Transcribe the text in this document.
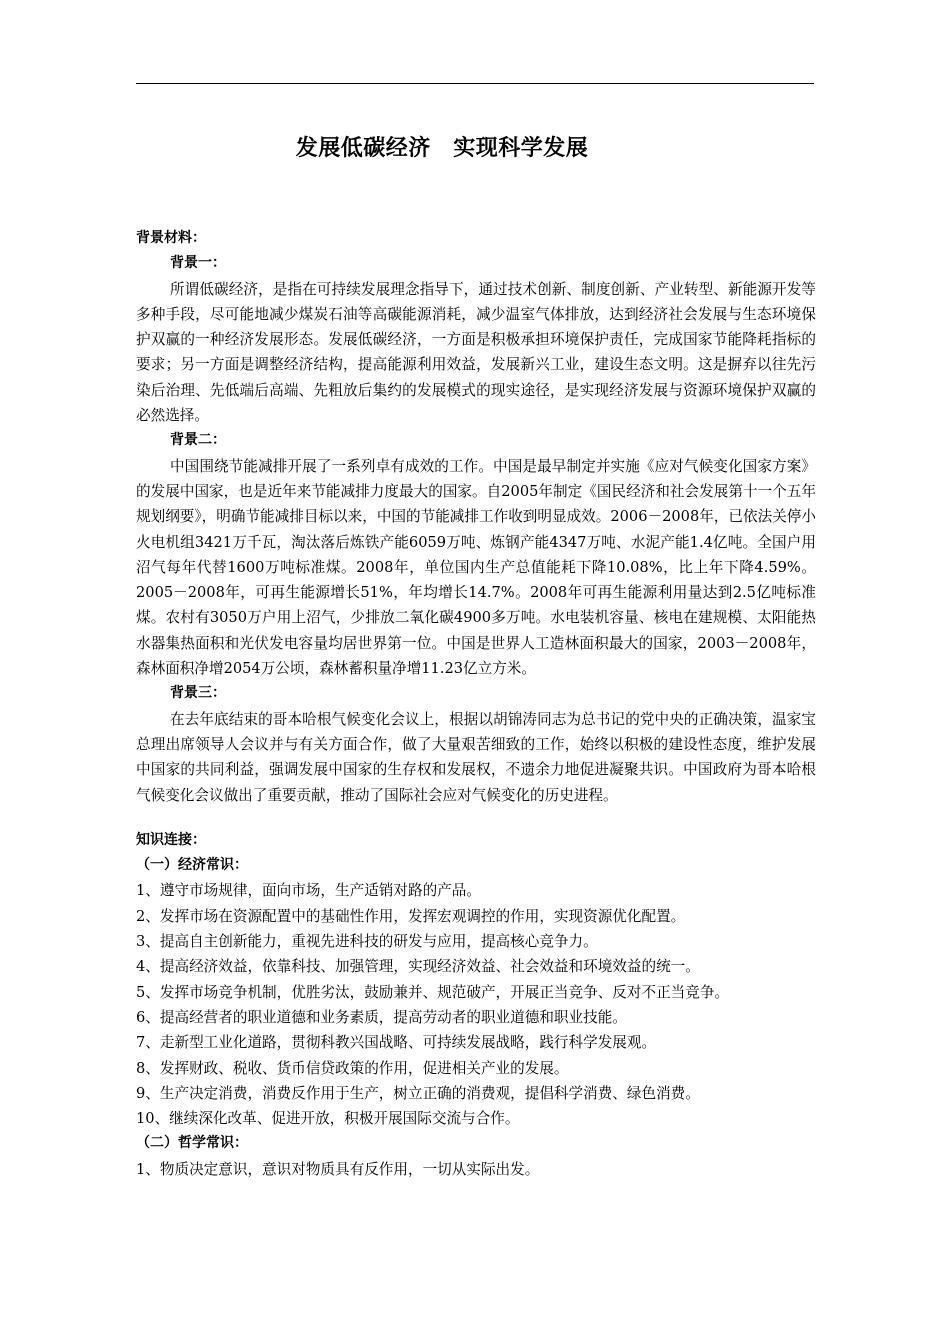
发展低碳经济　实现科学发展

背景材料：

背景一：

所谓低碳经济，是指在可持续发展理念指导下，通过技术创新、制度创新、产业转型、新能源开发等多种手段，尽可能地减少煤炭石油等高碳能源消耗，减少温室气体排放，达到经济社会发展与生态环境保护双赢的一种经济发展形态。发展低碳经济，一方面是积极承担环境保护责任，完成国家节能降耗指标的要求；另一方面是调整经济结构，提高能源利用效益，发展新兴工业，建设生态文明。这是摒弃以往先污染后治理、先低端后高端、先粗放后集约的发展模式的现实途径，是实现经济发展与资源环境保护双赢的必然选择。

背景二：

中国围绕节能减排开展了一系列卓有成效的工作。中国是最早制定并实施《应对气候变化国家方案》的发展中国家，也是近年来节能减排力度最大的国家。自2005年制定《国民经济和社会发展第十一个五年规划纲要》，明确节能减排目标以来，中国的节能减排工作收到明显成效。2006－2008年，已依法关停小火电机组3421万千瓦，淘汰落后炼铁产能6059万吨、炼钢产能4347万吨、水泥产能1.4亿吨。全国户用沼气每年代替1600万吨标准煤。2008年，单位国内生产总值能耗下降10.08%，比上年下降4.59%。2005－2008年，可再生能源增长51%，年均增长14.7%。2008年可再生能源利用量达到2.5亿吨标准煤。农村有3050万户用上沼气，少排放二氧化碳4900多万吨。水电装机容量、核电在建规模、太阳能热水器集热面积和光伏发电容量均居世界第一位。中国是世界人工造林面积最大的国家，2003－2008年，森林面积净增2054万公顷，森林蓄积量净增11.23亿立方米。

背景三：

在去年底结束的哥本哈根气候变化会议上，根据以胡锦涛同志为总书记的党中央的正确决策，温家宝总理出席领导人会议并与有关方面合作，做了大量艰苦细致的工作，始终以积极的建设性态度，维护发展中国家的共同利益，强调发展中国家的生存权和发展权，不遗余力地促进凝聚共识。中国政府为哥本哈根气候变化会议做出了重要贡献，推动了国际社会应对气候变化的历史进程。

知识连接：

（一）经济常识：

1、遵守市场规律，面向市场，生产适销对路的产品。

2、发挥市场在资源配置中的基础性作用，发挥宏观调控的作用，实现资源优化配置。

3、提高自主创新能力，重视先进科技的研发与应用，提高核心竞争力。

4、提高经济效益，依靠科技、加强管理，实现经济效益、社会效益和环境效益的统一。

5、发挥市场竞争机制，优胜劣汰，鼓励兼并、规范破产，开展正当竞争、反对不正当竞争。

6、提高经营者的职业道德和业务素质，提高劳动者的职业道德和职业技能。

7、走新型工业化道路，贯彻科教兴国战略、可持续发展战略，践行科学发展观。

8、发挥财政、税收、货币信贷政策的作用，促进相关产业的发展。

9、生产决定消费，消费反作用于生产，树立正确的消费观，提倡科学消费、绿色消费。

10、继续深化改革、促进开放，积极开展国际交流与合作。

（二）哲学常识：

1、物质决定意识，意识对物质具有反作用，一切从实际出发。
